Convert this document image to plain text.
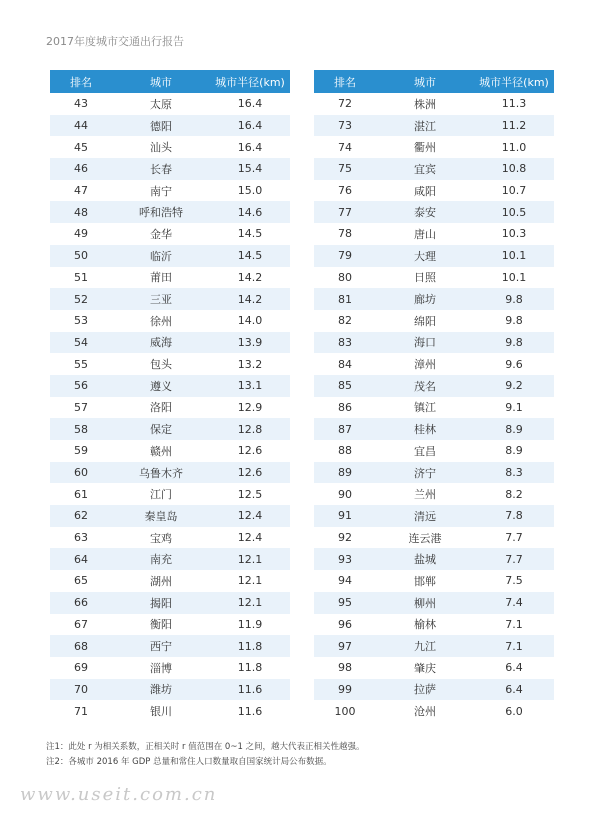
2017年度城市交通出行报告
排名	城市	城市半径(km)
43	太原	16.4
44	德阳	16.4
45	汕头	16.4
46	长春	15.4
47	南宁	15.0
48	呼和浩特	14.6
49	金华	14.5
50	临沂	14.5
51	莆田	14.2
52	三亚	14.2
53	徐州	14.0
54	威海	13.9
55	包头	13.2
56	遵义	13.1
57	洛阳	12.9
58	保定	12.8
59	赣州	12.6
60	乌鲁木齐	12.6
61	江门	12.5
62	秦皇岛	12.4
63	宝鸡	12.4
64	南充	12.1
65	湖州	12.1
66	揭阳	12.1
67	衡阳	11.9
68	西宁	11.8
69	淄博	11.8
70	潍坊	11.6
71	银川	11.6
排名	城市	城市半径(km)
72	株洲	11.3
73	湛江	11.2
74	衢州	11.0
75	宜宾	10.8
76	咸阳	10.7
77	泰安	10.5
78	唐山	10.3
79	大理	10.1
80	日照	10.1
81	廊坊	9.8
82	绵阳	9.8
83	海口	9.8
84	漳州	9.6
85	茂名	9.2
86	镇江	9.1
87	桂林	8.9
88	宜昌	8.9
89	济宁	8.3
90	兰州	8.2
91	清远	7.8
92	连云港	7.7
93	盐城	7.7
94	邯郸	7.5
95	柳州	7.4
96	榆林	7.1
97	九江	7.1
98	肇庆	6.4
99	拉萨	6.4
100	沧州	6.0
注1：此处 r 为相关系数，正相关时 r 值范围在 0~1 之间，越大代表正相关性越强。
注2：各城市 2016 年 GDP 总量和常住人口数量取自国家统计局公布数据。
www.useit.com.cn
